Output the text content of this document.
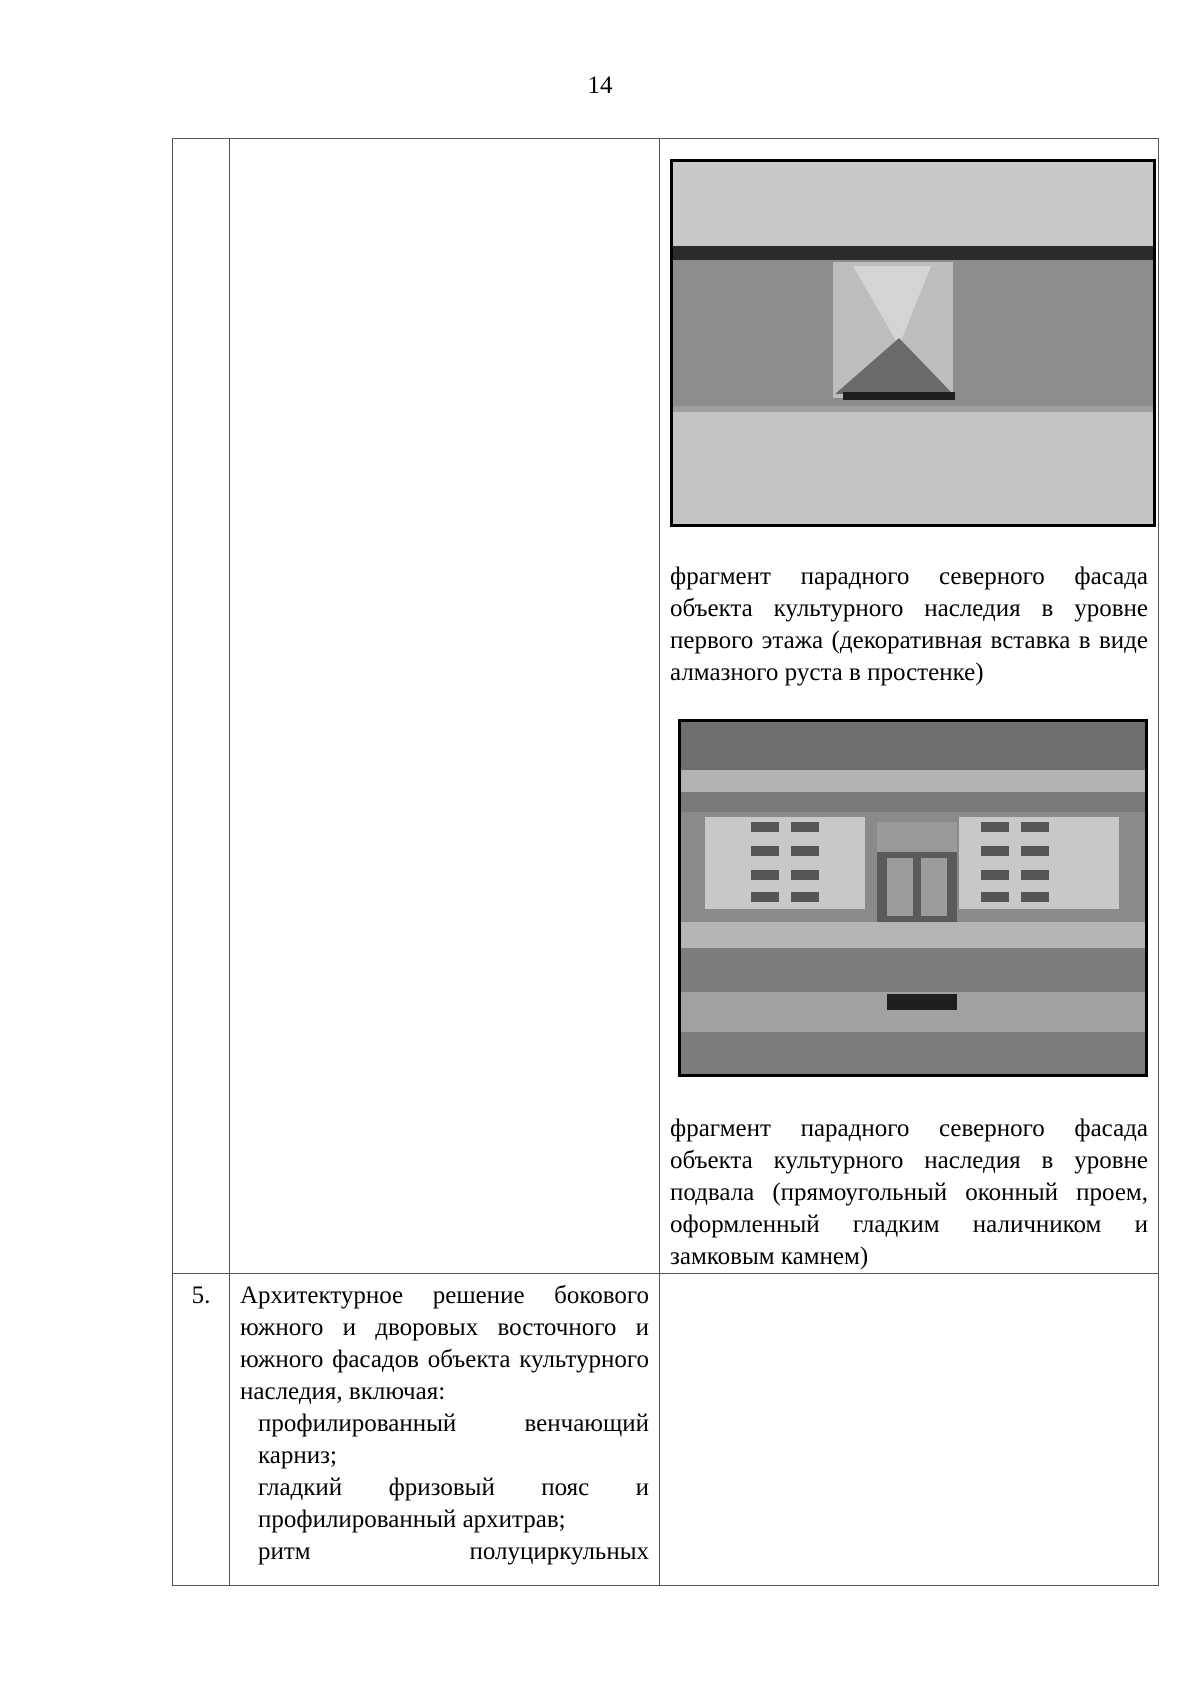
14

		фрагмент парадного северного фасада объекта культурного наследия в уровне первого этажа (декоративная вставка в виде алмазного руста в простенке)
фрагмент парадного северного фасада объекта культурного наследия в уровне подвала (прямоугольный оконный проем, оформленный гладким наличником и замковым камнем)

5.	Архитектурное решение бокового южного и дворовых восточного и южного фасадов объекта культурного наследия, включая:

профилированный венчающий карниз;

гладкий фризовый пояс и профилированный архитрав;

ритм полуциркульных	
